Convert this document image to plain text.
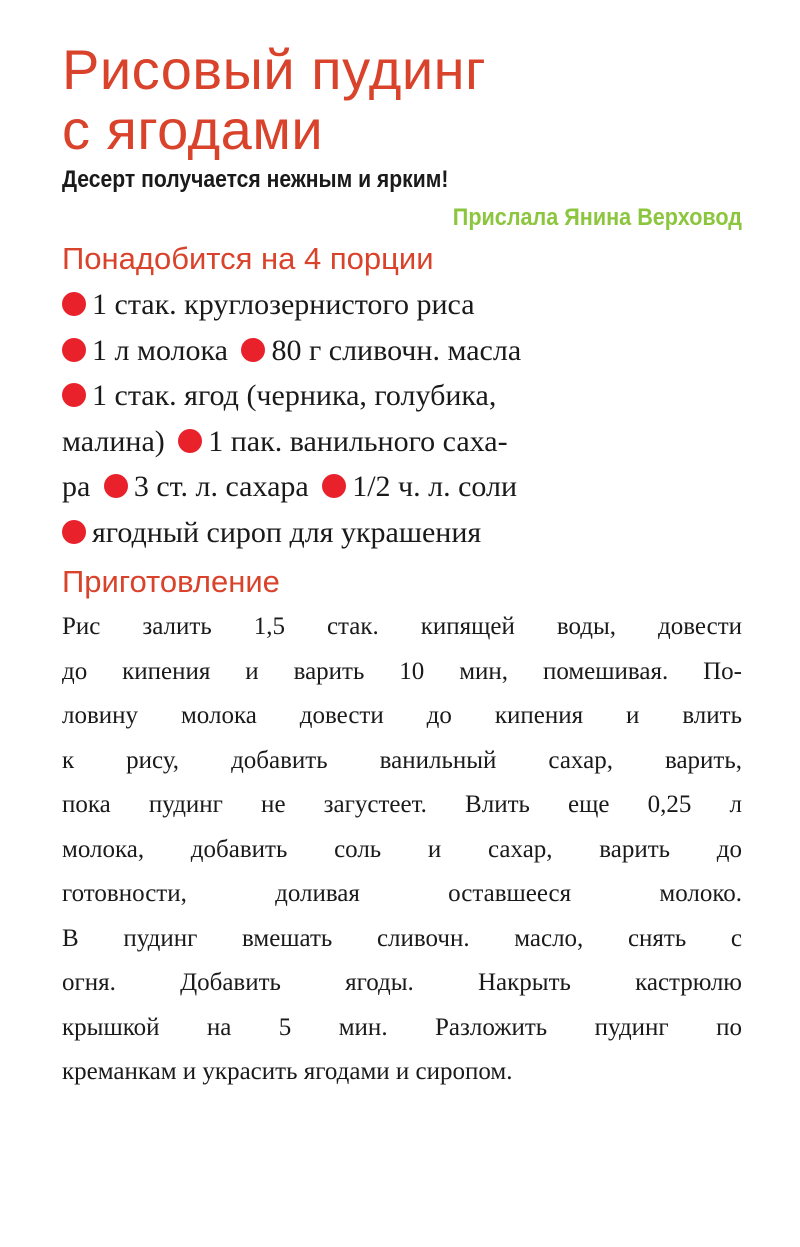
Рисовый пудинг
с ягодами
Десерт получается нежным и ярким!
Прислала Янина Верховод
Понадобится на 4 порции
1 стак. круглозернистого риса
1 л молока 80 г сливочн. масла
1 стак. ягод (черника, голубика,
малина) 1 пак. ванильного саха-
ра 3 ст. л. сахара 1/2 ч. л. соли
ягодный сироп для украшения
Приготовление
Рис залить 1,5 стак. кипящей воды, довести
до кипения и варить 10 мин, помешивая. По-
ловину молока довести до кипения и влить
к рису, добавить ванильный сахар, варить,
пока пудинг не загустеет. Влить еще 0,25 л
молока, добавить соль и сахар, варить до
готовности, доливая оставшееся молоко.
В пудинг вмешать сливочн. масло, снять с
огня. Добавить ягоды. Накрыть кастрюлю
крышкой на 5 мин. Разложить пудинг по
креманкам и украсить ягодами и сиропом.
